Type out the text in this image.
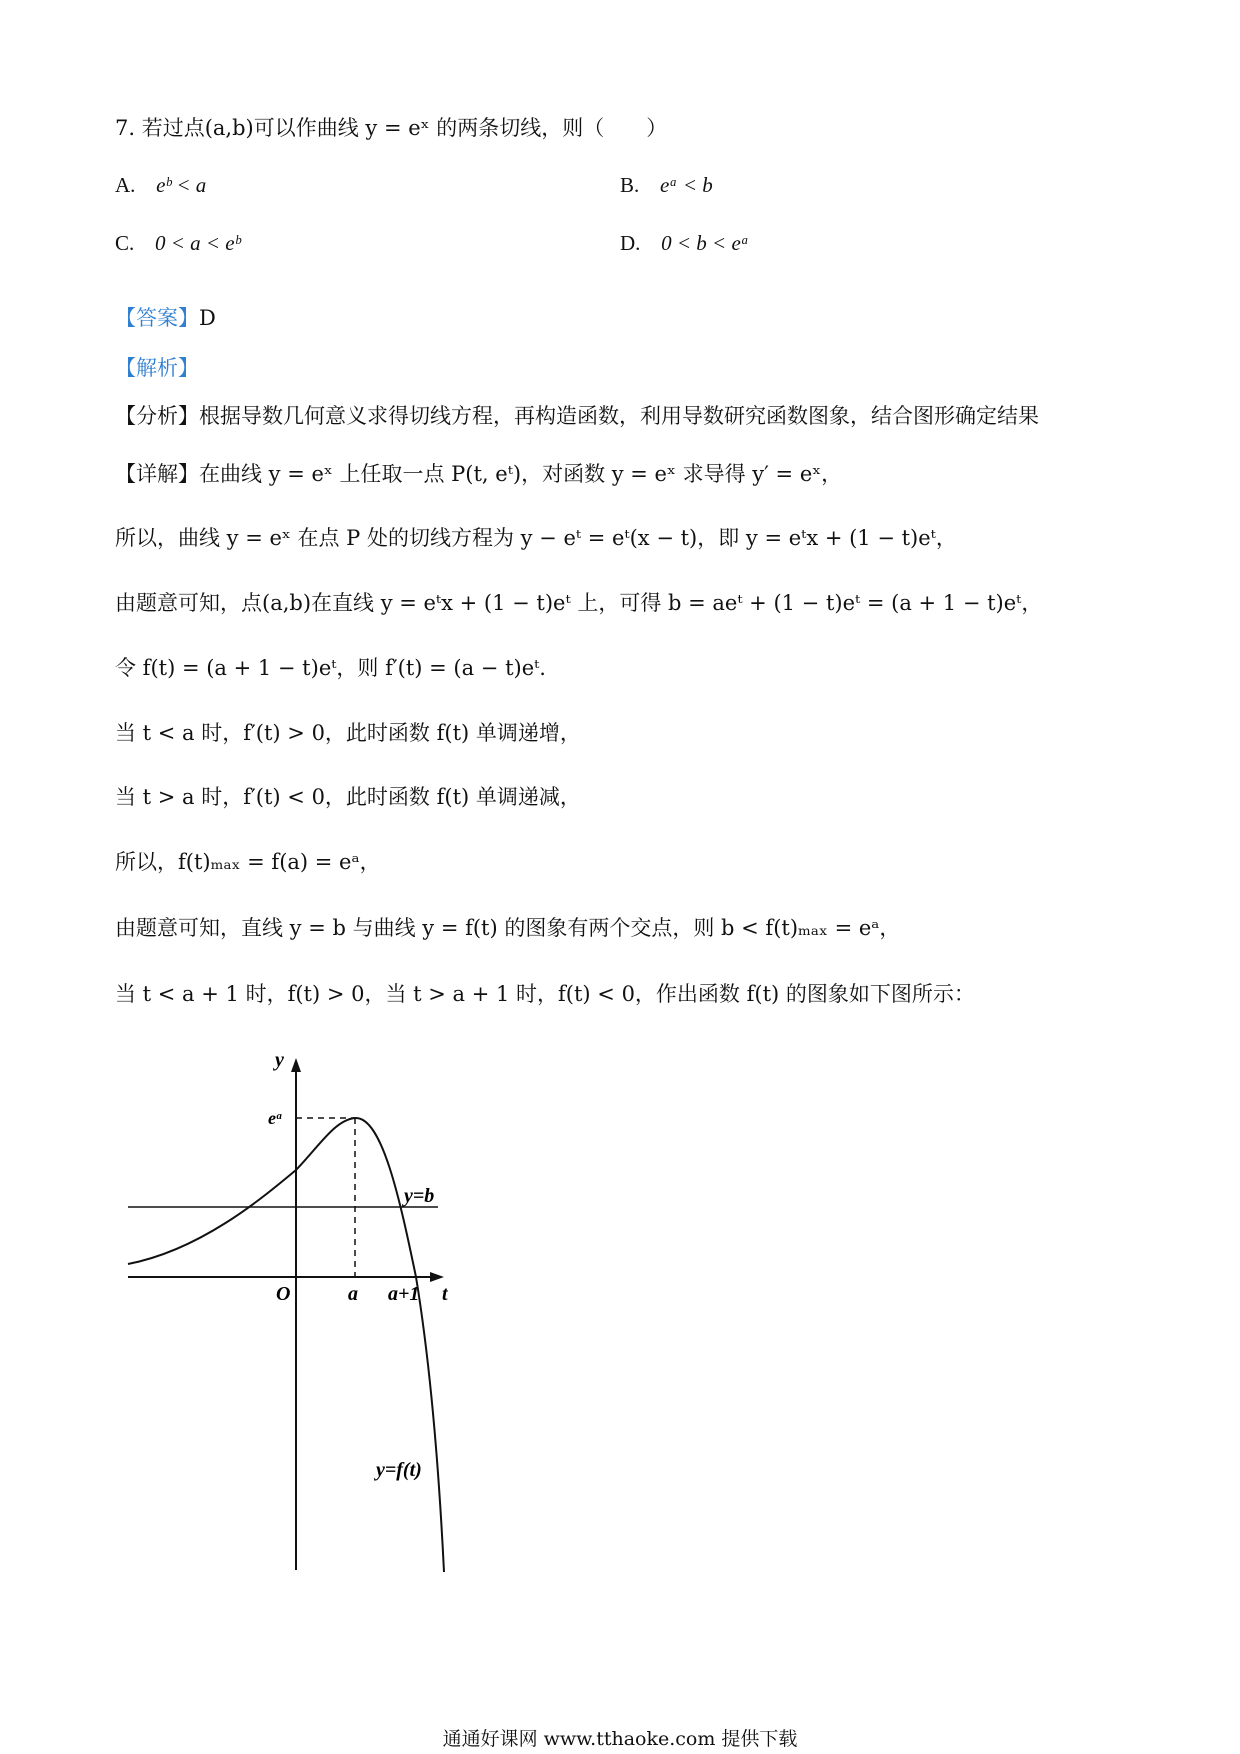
7. 若过点(a,b)可以作曲线 y = eˣ 的两条切线，则（　　）
A. eᵇ < a	B. eᵃ < b
C. 0 < a < eᵇ	D. 0 < b < eᵃ
【答案】D
【解析】
【分析】根据导数几何意义求得切线方程，再构造函数，利用导数研究函数图象，结合图形确定结果
【详解】在曲线 y = eˣ 上任取一点 P(t, eᵗ)，对函数 y = eˣ 求导得 y′ = eˣ，
所以，曲线 y = eˣ 在点 P 处的切线方程为 y − eᵗ = eᵗ(x − t)，即 y = eᵗx + (1 − t)eᵗ，
由题意可知，点(a,b)在直线 y = eᵗx + (1 − t)eᵗ 上，可得 b = aeᵗ + (1 − t)eᵗ = (a + 1 − t)eᵗ，
令 f(t) = (a + 1 − t)eᵗ，则 f′(t) = (a − t)eᵗ.
当 t < a 时，f′(t) > 0，此时函数 f(t) 单调递增，
当 t > a 时，f′(t) < 0，此时函数 f(t) 单调递减，
所以，f(t)ₘₐₓ = f(a) = eᵃ，
由题意可知，直线 y = b 与曲线 y = f(t) 的图象有两个交点，则 b < f(t)ₘₐₓ = eᵃ，
当 t < a + 1 时，f(t) > 0，当 t > a + 1 时，f(t) < 0，作出函数 f(t) 的图象如下图所示：
y
t
O
eᵃ
a a+1
y=b
y=f(t)
通通好课网 www.tthaoke.com 提供下载
